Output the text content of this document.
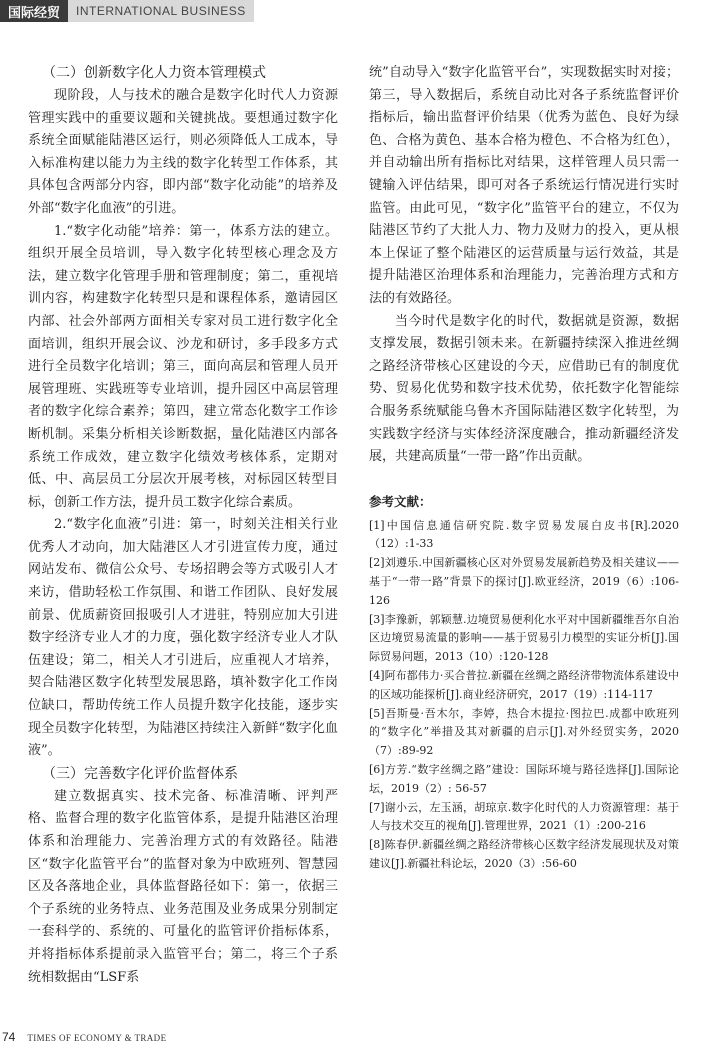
国际经贸	INTERNATIONAL BUSINESS
（二）创新数字化人力资本管理模式

现阶段，人与技术的融合是数字化时代人力资源管理实践中的重要议题和关键挑战。要想通过数字化系统全面赋能陆港区运行，则必须降低人工成本，导入标准构建以能力为主线的数字化转型工作体系，其具体包含两部分内容，即内部“数字化动能”的培养及外部“数字化血液”的引进。

1.“数字化动能”培养：第一，体系方法的建立。组织开展全员培训，导入数字化转型核心理念及方法，建立数字化管理手册和管理制度；第二，重视培训内容，构建数字化转型只是和课程体系，邀请园区内部、社会外部两方面相关专家对员工进行数字化全面培训，组织开展会议、沙龙和研讨，多手段多方式进行全员数字化培训；第三，面向高层和管理人员开展管理班、实践班等专业培训，提升园区中高层管理者的数字化综合素养；第四，建立常态化数字工作诊断机制。采集分析相关诊断数据，量化陆港区内部各系统工作成效，建立数字化绩效考核体系，定期对低、中、高层员工分层次开展考核，对标园区转型目标，创新工作方法，提升员工数字化综合素质。

2.“数字化血液”引进：第一，时刻关注相关行业优秀人才动向，加大陆港区人才引进宣传力度，通过网站发布、微信公众号、专场招聘会等方式吸引人才来访，借助轻松工作氛围、和谐工作团队、良好发展前景、优质薪资回报吸引人才进驻，特别应加大引进数字经济专业人才的力度，强化数字经济专业人才队伍建设；第二，相关人才引进后，应重视人才培养，契合陆港区数字化转型发展思路，填补数字化工作岗位缺口，帮助传统工作人员提升数字化技能，逐步实现全员数字化转型，为陆港区持续注入新鲜“数字化血液”。

（三）完善数字化评价监督体系

建立数据真实、技术完备、标准清晰、评判严格、监督合理的数字化监管体系，是提升陆港区治理体系和治理能力、完善治理方式的有效路径。陆港区“数字化监管平台”的监督对象为中欧班列、智慧园区及各落地企业，具体监督路径如下：第一，依据三个子系统的业务特点、业务范围及业务成果分别制定一套科学的、系统的、可量化的监管评价指标体系，并将指标体系提前录入监管平台；第二，将三个子系统相数据由“LSF系

统”自动导入“数字化监管平台”，实现数据实时对接；第三，导入数据后，系统自动比对各子系统监督评价指标后，输出监督评价结果（优秀为蓝色、良好为绿色、合格为黄色、基本合格为橙色、不合格为红色），并自动输出所有指标比对结果，这样管理人员只需一键输入评估结果，即可对各子系统运行情况进行实时监管。由此可见，“数字化”监管平台的建立，不仅为陆港区节约了大批人力、物力及财力的投入，更从根本上保证了整个陆港区的运营质量与运行效益，其是提升陆港区治理体系和治理能力，完善治理方式和方法的有效路径。

当今时代是数字化的时代，数据就是资源，数据支撑发展，数据引领未来。在新疆持续深入推进丝绸之路经济带核心区建设的今天，应借助已有的制度优势、贸易化优势和数字技术优势，依托数字化智能综合服务系统赋能乌鲁木齐国际陆港区数字化转型，为实践数字经济与实体经济深度融合，推动新疆经济发展，共建高质量“一带一路”作出贡献。

参考文献：

[1]中国信息通信研究院.数字贸易发展白皮书[R].2020（12）:1-33

[2]刘遵乐.中国新疆核心区对外贸易发展新趋势及相关建议——基于“一带一路”背景下的探讨[J].欧亚经济，2019（6）:106-126

[3]李豫新，郭颖慧.边境贸易便利化水平对中国新疆维吾尔自治区边境贸易流量的影响——基于贸易引力模型的实证分析[J].国际贸易问题，2013（10）:120-128

[4]阿布都伟力·买合普拉.新疆在丝绸之路经济带物流体系建设中的区域功能探析[J].商业经济研究，2017（19）:114-117

[5]吾斯曼·吾木尔，李婷，热合木提拉·图拉巴.成都中欧班列的“数字化”举措及其对新疆的启示[J].对外经贸实务，2020（7）:89-92

[6]方芳.“数字丝绸之路”建设：国际环境与路径选择[J].国际论坛，2019（2）: 56-57

[7]谢小云，左玉涵，胡琼京.数字化时代的人力资源管理：基于人与技术交互的视角[J].管理世界，2021（1）:200-216

[8]陈春伊.新疆丝绸之路经济带核心区数字经济发展现状及对策建议[J].新疆社科论坛，2020（3）:56-60

74 TIMES OF ECONOMY & TRADE
